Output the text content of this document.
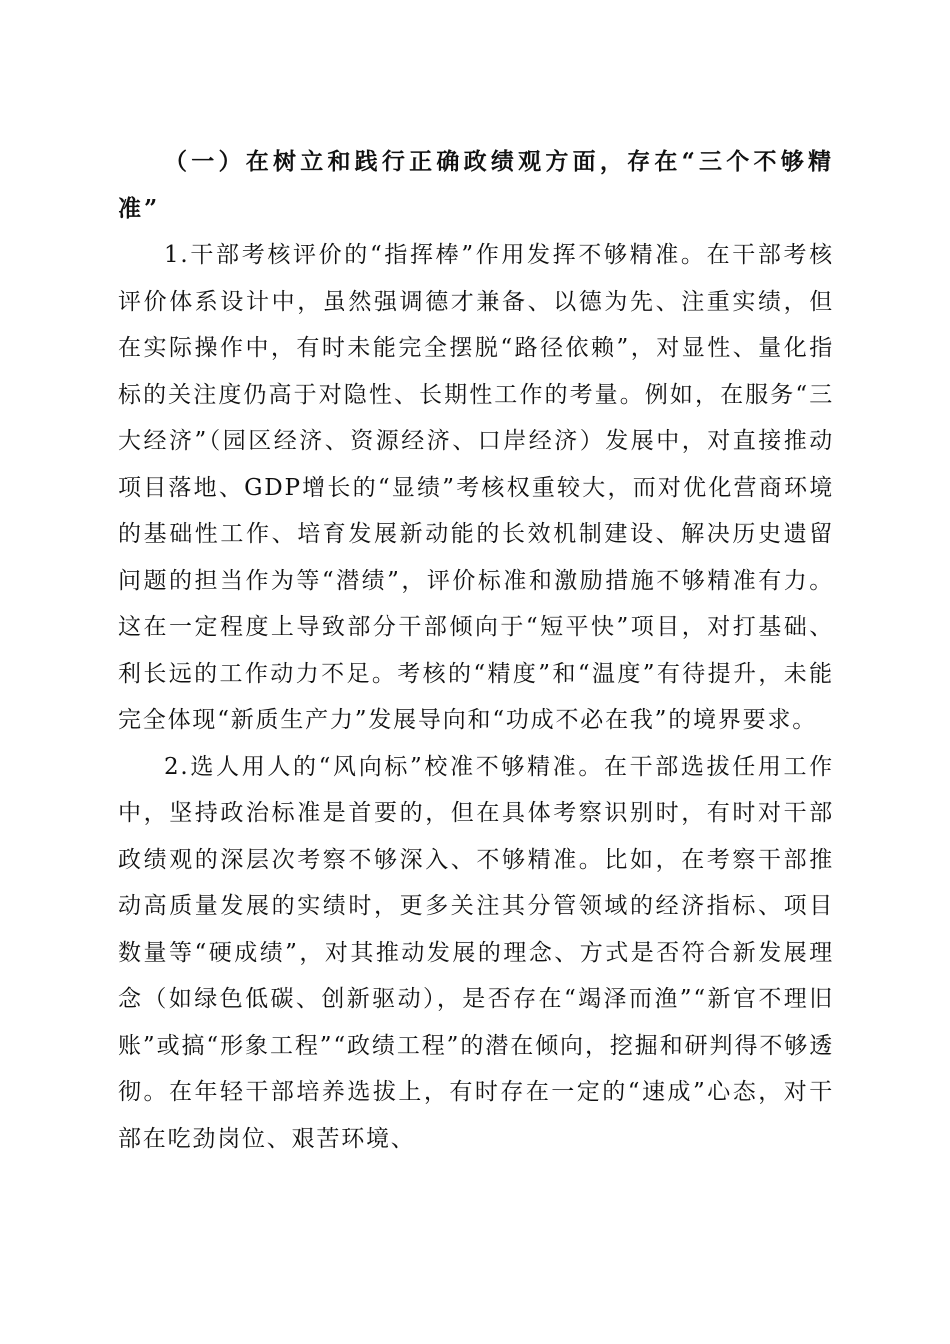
（一）在树立和践行正确政绩观方面，存在“三个不够精准”

1.干部考核评价的“指挥棒”作用发挥不够精准。在干部考核评价体系设计中，虽然强调德才兼备、以德为先、注重实绩，但在实际操作中，有时未能完全摆脱“路径依赖”，对显性、量化指标的关注度仍高于对隐性、长期性工作的考量。例如，在服务“三大经济”（园区经济、资源经济、口岸经济）发展中，对直接推动项目落地、GDP增长的“显绩”考核权重较大，而对优化营商环境的基础性工作、培育发展新动能的长效机制建设、解决历史遗留问题的担当作为等“潜绩”，评价标准和激励措施不够精准有力。这在一定程度上导致部分干部倾向于“短平快”项目，对打基础、利长远的工作动力不足。考核的“精度”和“温度”有待提升，未能完全体现“新质生产力”发展导向和“功成不必在我”的境界要求。

2.选人用人的“风向标”校准不够精准。在干部选拔任用工作中，坚持政治标准是首要的，但在具体考察识别时，有时对干部政绩观的深层次考察不够深入、不够精准。比如，在考察干部推动高质量发展的实绩时，更多关注其分管领域的经济指标、项目数量等“硬成绩”，对其推动发展的理念、方式是否符合新发展理念（如绿色低碳、创新驱动），是否存在“竭泽而渔”“新官不理旧账”或搞“形象工程”“政绩工程”的潜在倾向，挖掘和研判得不够透彻。在年轻干部培养选拔上，有时存在一定的“速成”心态，对干部在吃劲岗位、艰苦环境、
